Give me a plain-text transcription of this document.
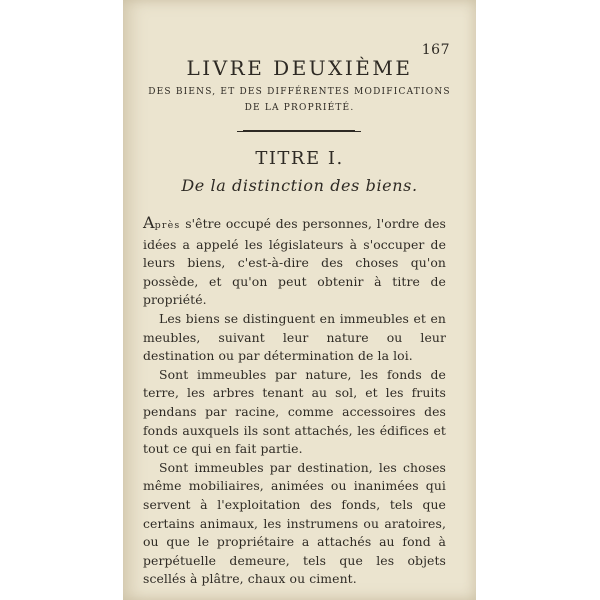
167
LIVRE DEUXIÈME
DES BIENS, ET DES DIFFÉRENTES MODIFICATIONS
DE LA PROPRIÉTÉ.
TITRE I.
De la distinction des biens.

Après s'être occupé des personnes, l'ordre des idées a appelé les législateurs à s'occuper de leurs biens, c'est-à-dire des choses qu'on possède, et qu'on peut obtenir à titre de propriété.

Les biens se distinguent en immeubles et en meubles, suivant leur nature ou leur destination ou par détermination de la loi.

Sont immeubles par nature, les fonds de terre, les arbres tenant au sol, et les fruits pendans par racine, comme accessoires des fonds auxquels ils sont attachés, les édifices et tout ce qui en fait partie.

Sont immeubles par destination, les choses même mobiliaires, animées ou inanimées qui servent à l'exploitation des fonds, tels que certains animaux, les instrumens ou aratoires, ou que le propriétaire a attachés au fond à perpétuelle demeure, tels que les objets scellés à plâtre, chaux ou ciment.
